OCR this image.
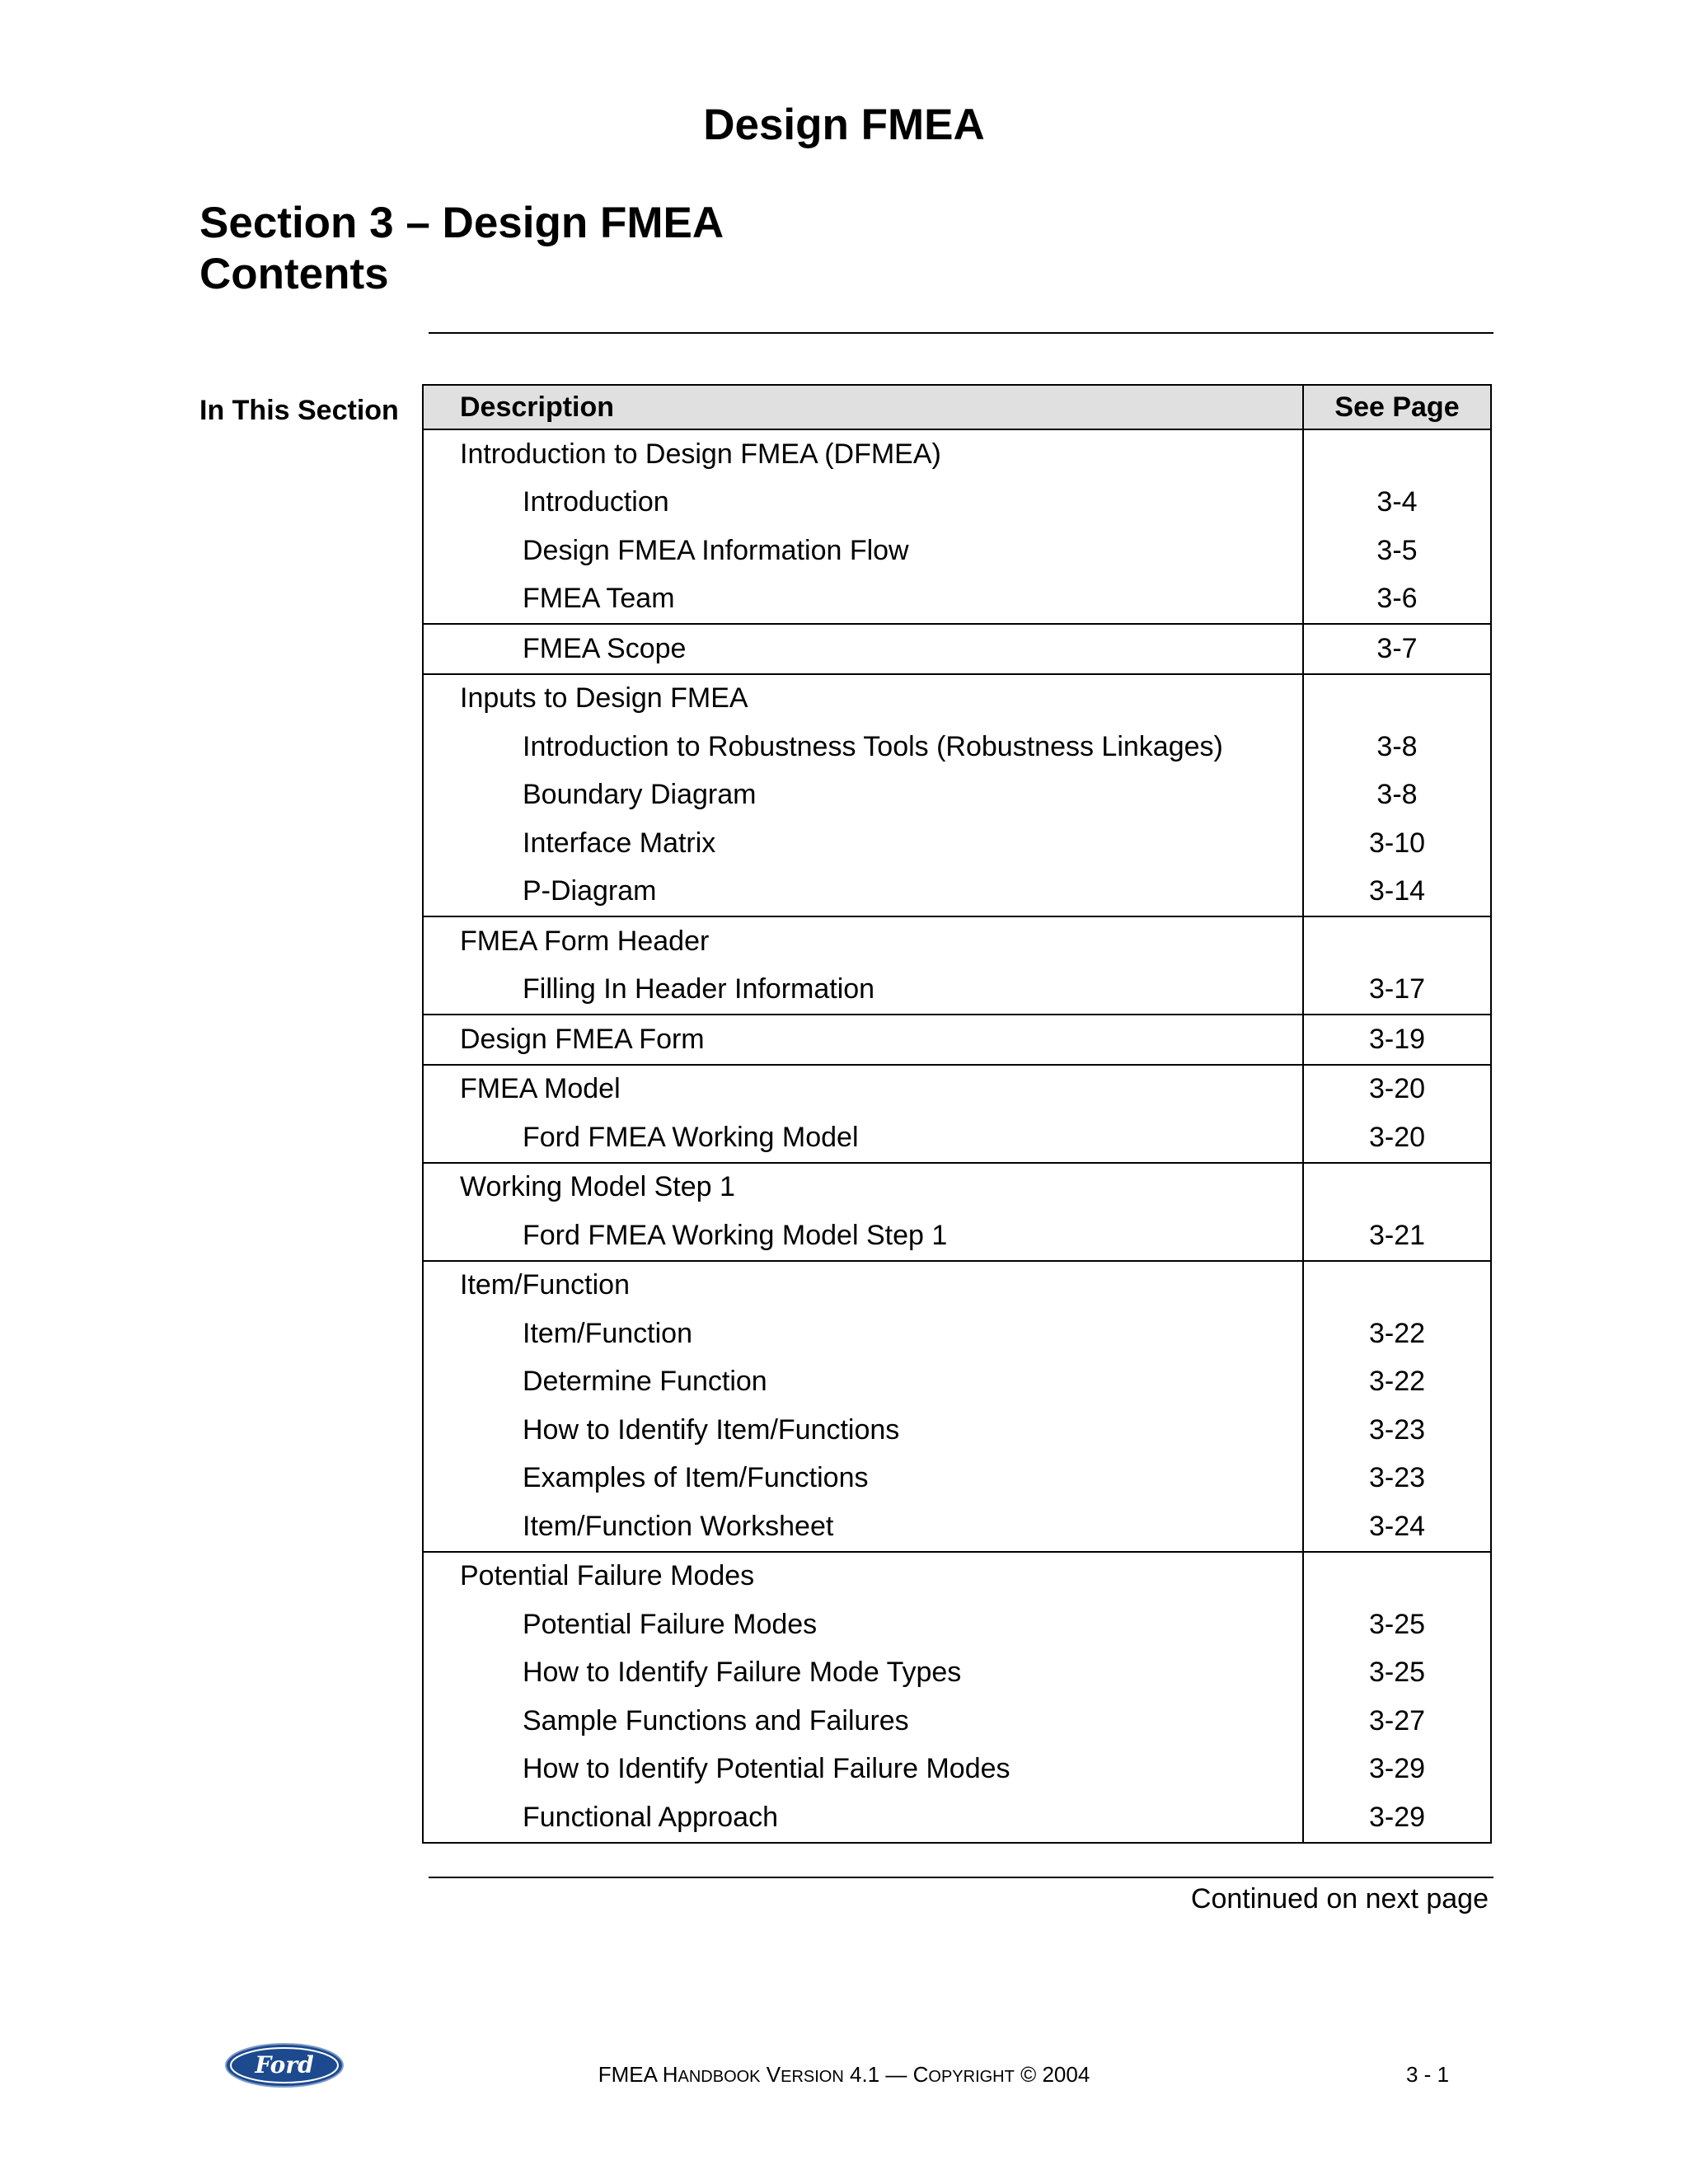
Design FMEA
Section 3 – Design FMEA
Contents
In This Section Description	See Page
Introduction to Design FMEA (DFMEA)	
Introduction	3-4
Design FMEA Information Flow	3-5
FMEA Team	3-6
FMEA Scope	3-7
Inputs to Design FMEA	
Introduction to Robustness Tools (Robustness Linkages)	3-8
Boundary Diagram	3-8
Interface Matrix	3-10
P-Diagram	3-14
FMEA Form Header	
Filling In Header Information	3-17
Design FMEA Form	3-19
FMEA Model	3-20
Ford FMEA Working Model	3-20
Working Model Step 1	
Ford FMEA Working Model Step 1	3-21
Item/Function	
Item/Function	3-22
Determine Function	3-22
How to Identify Item/Functions	3-23
Examples of Item/Functions	3-23
Item/Function Worksheet	3-24
Potential Failure Modes	
Potential Failure Modes	3-25
How to Identify Failure Mode Types	3-25
Sample Functions and Failures	3-27
How to Identify Potential Failure Modes	3-29
Functional Approach	3-29
Continued on next page
Ford	FMEA HANDBOOK VERSION 4.1 — COPYRIGHT © 2004	3 - 1
